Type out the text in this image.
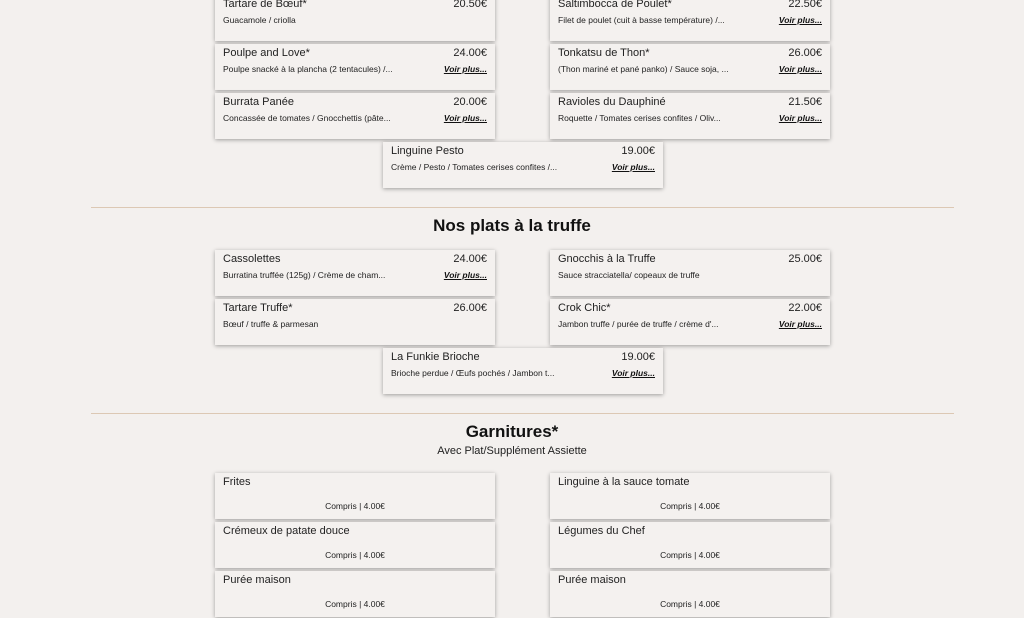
Tartare de Bœuf*	20.50€
Guacamole / criolla
Saltimbocca de Poulet*	22.50€
Filet de poulet (cuit à basse température) /...	Voir plus...
Poulpe and Love*	24.00€
Poulpe snacké à la plancha (2 tentacules) /...	Voir plus...
Tonkatsu de Thon*	26.00€
(Thon mariné et pané panko) / Sauce soja, ...	Voir plus...
Burrata Panée	20.00€
Concassée de tomates / Gnocchettis (pâte...	Voir plus...
Ravioles du Dauphiné	21.50€
Roquette / Tomates cerises confites / Oliv...	Voir plus...
Linguine Pesto	19.00€
Crème / Pesto / Tomates cerises confites /...	Voir plus...
Nos plats à la truffe
Cassolettes	24.00€
Burratina truffée (125g) / Crème de cham...	Voir plus...
Gnocchis à la Truffe	25.00€
Sauce stracciatella/ copeaux de truffe
Tartare Truffe*	26.00€
Bœuf / truffe & parmesan
Crok Chic*	22.00€
Jambon truffe / purée de truffe / crème d'...	Voir plus...
La Funkie Brioche	19.00€
Brioche perdue / Œufs pochés / Jambon t...	Voir plus...
Garnitures*
Avec Plat/Supplément Assiette
Frites
Compris | 4.00€
Linguine à la sauce tomate
Compris | 4.00€
Crémeux de patate douce
Compris | 4.00€
Légumes du Chef
Compris | 4.00€
Purée maison
Compris | 4.00€
Purée maison
Compris | 4.00€
